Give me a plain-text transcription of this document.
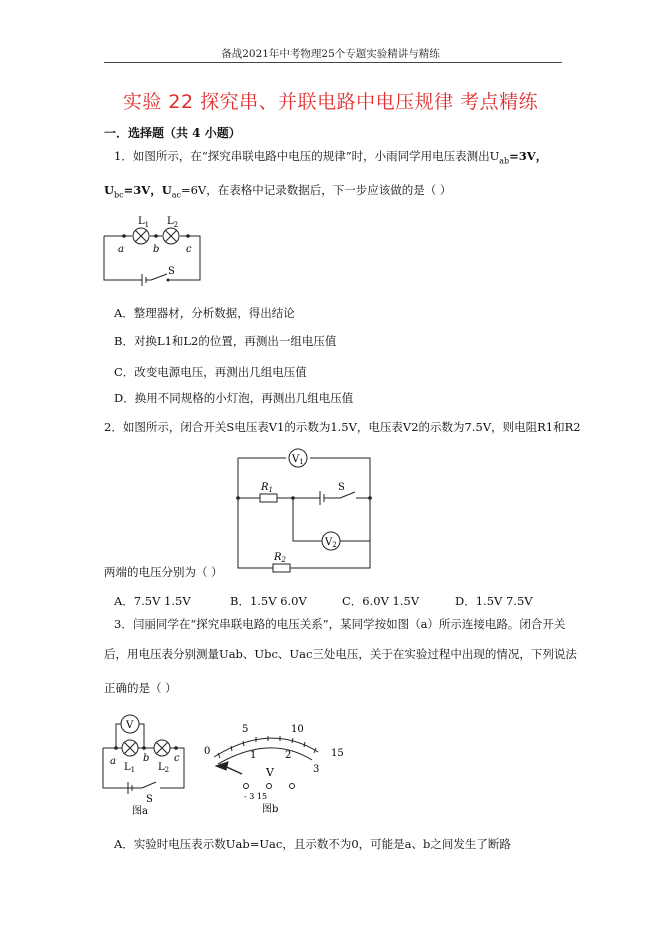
备战2021年中考物理25个专题实验精讲与精练
实验 22 探究串、并联电路中电压规律 考点精练
一．选择题（共 4 小题）
1．如图所示，在“探究串联电路中电压的规律”时，小雨同学用电压表测出$U_{ab}=3V$，
$U_{bc}=3V$，$U_{ac}=6V$，在表格中记录数据后，下一步应该做的是（ ）
$L_1$ $L_2$
a	b	c
S
A．整理器材，分析数据，得出结论
B．对换L1和L2的位置，再测出一组电压值
C．改变电源电压，再测出几组电压值
D．换用不同规格的小灯泡，再测出几组电压值
2．如图所示，闭合开关S电压表V1的示数为1.5V，电压表V2的示数为7.5V，则电阻R1和R2
$V_1$
$R_1$	S
$V_2$
$R_2$
两端的电压分别为（ ）
A．7.5V 1.5V	B．1.5V 6.0V	C．6.0V 1.5V	D．1.5V 7.5V
3．闫丽同学在“探究串联电路的电压关系”，某同学按如图（a）所示连接电路。闭合开关
后，用电压表分别测量Uab、Ubc、Uac三处电压，关于在实验过程中出现的情况，下列说法
正确的是（ ）
V
a	b c
$L_1$ $L_2$
S
图a
5	10
0	15
1	2
3
V
- 3 15
图b
A．实验时电压表示数Uab=Uac，且示数不为0，可能是a、b之间发生了断路
